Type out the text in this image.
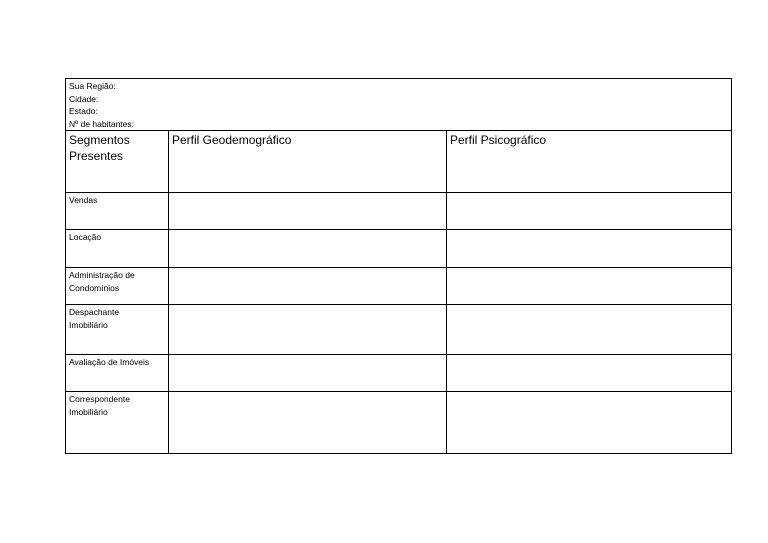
Sua Região:
Cidade:
Estado:
Nº de habitantes:		

Segmentos
Presentes	Perfil Geodemográfico	Perfil Psicográfico

Vendas		

Locação		

Administração de
Condomínios		

Despachante
Imobiliário		

Avaliação de Imóveis		

Correspondente
Imobiliário		
